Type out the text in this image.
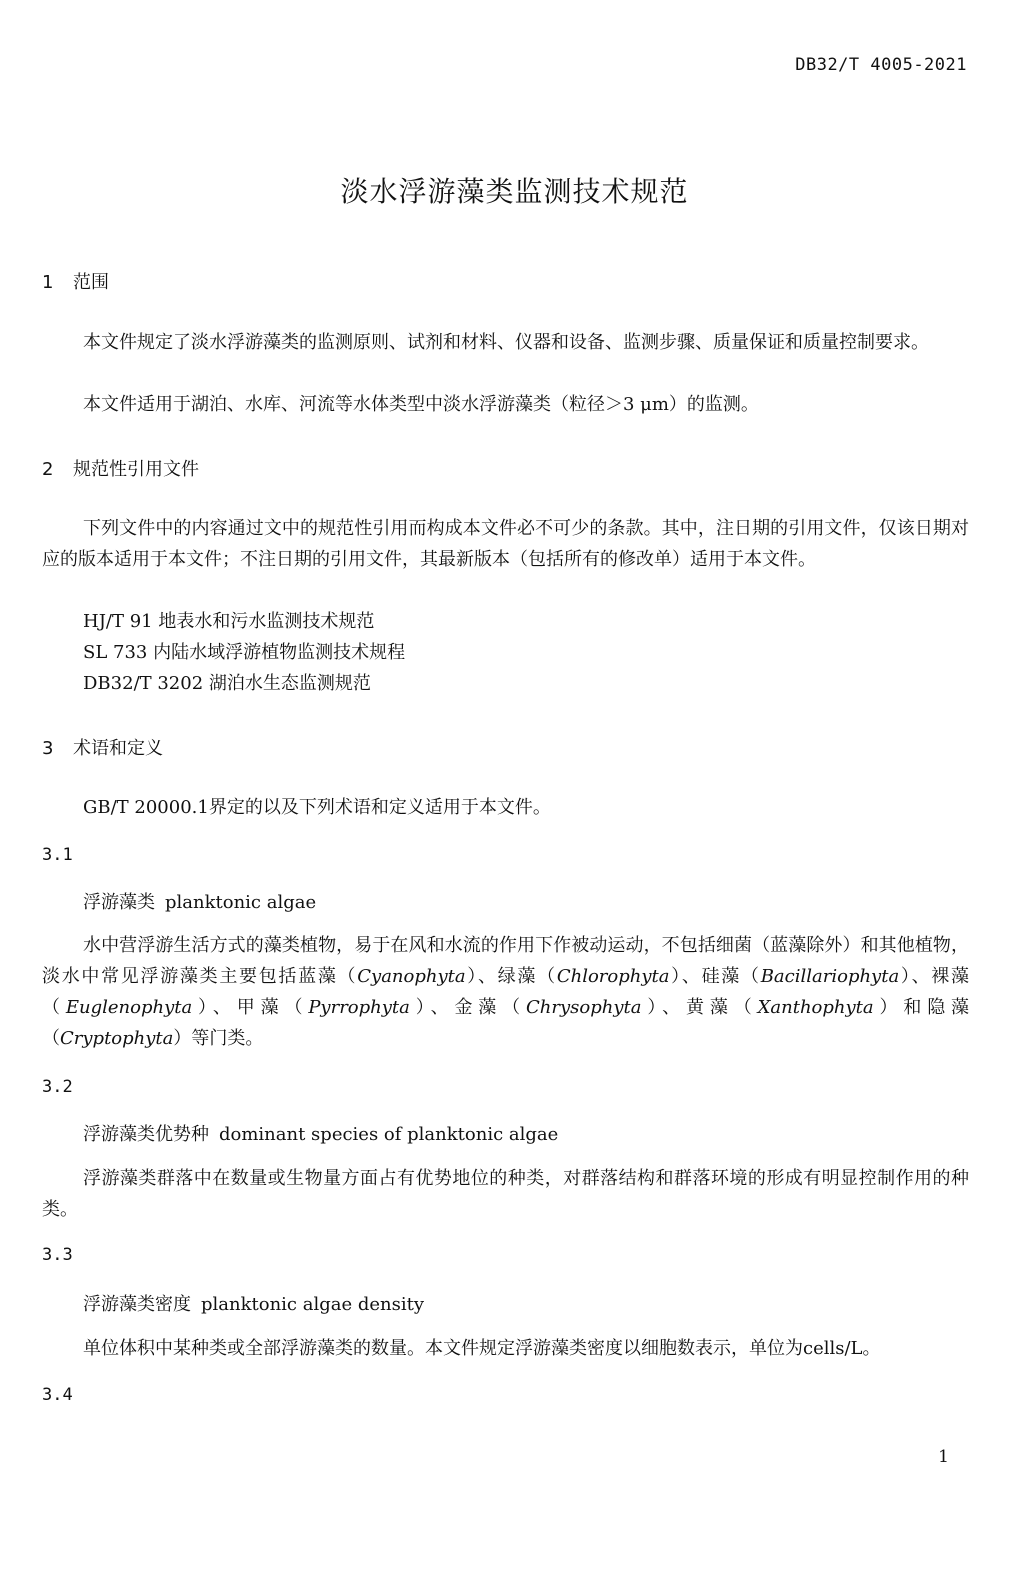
DB32/T 4005-2021
淡水浮游藻类监测技术规范
1 范围
本文件规定了淡水浮游藻类的监测原则、试剂和材料、仪器和设备、监测步骤、质量保证和质量控制要求。
本文件适用于湖泊、水库、河流等水体类型中淡水浮游藻类（粒径＞3 μm）的监测。
2 规范性引用文件
下列文件中的内容通过文中的规范性引用而构成本文件必不可少的条款。其中，注日期的引用文件，仅该日期对应的版本适用于本文件；不注日期的引用文件，其最新版本（包括所有的修改单）适用于本文件。
HJ/T 91 地表水和污水监测技术规范
SL 733 内陆水域浮游植物监测技术规程
DB32/T 3202 湖泊水生态监测规范
3 术语和定义
GB/T 20000.1界定的以及下列术语和定义适用于本文件。
3.1
浮游藻类 planktonic algae
水中营浮游生活方式的藻类植物，易于在风和水流的作用下作被动运动，不包括细菌（蓝藻除外）和其他植物，淡水中常见浮游藻类主要包括蓝藻（Cyanophyta）、绿藻（Chlorophyta）、硅藻（Bacillariophyta）、裸藻（Euglenophyta）、甲藻（Pyrrophyta）、金藻（Chrysophyta）、黄藻（Xanthophyta）和隐藻（Cryptophyta）等门类。
3.2
浮游藻类优势种 dominant species of planktonic algae
浮游藻类群落中在数量或生物量方面占有优势地位的种类，对群落结构和群落环境的形成有明显控制作用的种类。
3.3
浮游藻类密度 planktonic algae density
单位体积中某种类或全部浮游藻类的数量。本文件规定浮游藻类密度以细胞数表示，单位为cells/L。
3.4
1
